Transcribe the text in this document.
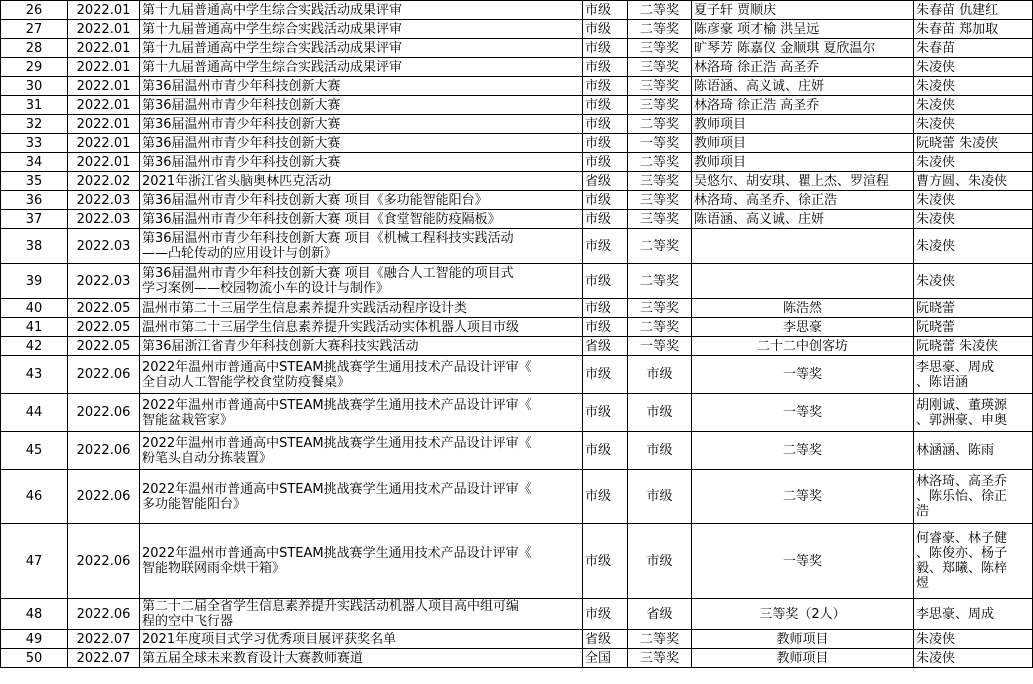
26	2022.01	第十九届普通高中学生综合实践活动成果评审	市级	二等奖	夏子轩 贾顺庆	朱春苗 仇建红
27	2022.01	第十九届普通高中学生综合实践活动成果评审	市级	二等奖	陈彦豪 项才榆 洪呈远	朱春苗 郑加取
28	2022.01	第十九届普通高中学生综合实践活动成果评审	市级	三等奖	旷琴芳 陈嘉仪 金顺琪 夏欣温尔	朱春苗
29	2022.01	第十九届普通高中学生综合实践活动成果评审	市级	三等奖	林洛琦 徐正浩 高圣乔	朱凌侠
30	2022.01	第36届温州市青少年科技创新大赛	市级	三等奖	陈语涵、高义诚、庄妍	朱凌侠
31	2022.01	第36届温州市青少年科技创新大赛	市级	三等奖	林洛琦 徐正浩 高圣乔	朱凌侠
32	2022.01	第36届温州市青少年科技创新大赛	市级	二等奖	教师项目	朱凌侠
33	2022.01	第36届温州市青少年科技创新大赛	市级	一等奖	教师项目	阮晓蕾 朱凌侠
34	2022.01	第36届温州市青少年科技创新大赛	市级	二等奖	教师项目	朱凌侠
35	2022.02	2021年浙江省头脑奥林匹克活动	省级	三等奖	吴悠尔、胡安琪、瞿上杰、罗渲程	曹方圆、朱凌侠
36	2022.03	第36届温州市青少年科技创新大赛 项目《多功能智能阳台》	市级	三等奖	林洛琦、高圣乔、徐正浩	朱凌侠
37	2022.03	第36届温州市青少年科技创新大赛 项目《食堂智能防疫隔板》	市级	三等奖	陈语涵、高义诚、庄妍	朱凌侠
38	2022.03	第36届温州市青少年科技创新大赛 项目《机械工程科技实践活动
——凸轮传动的应用设计与创新》	市级	二等奖		朱凌侠
39	2022.03	第36届温州市青少年科技创新大赛 项目《融合人工智能的项目式
学习案例——校园物流小车的设计与制作》	市级	二等奖		朱凌侠
40	2022.05	温州市第二十三届学生信息素养提升实践活动程序设计类	市级	三等奖	陈浩然	阮晓蕾
41	2022.05	温州市第二十三届学生信息素养提升实践活动实体机器人项目市级	市级	二等奖	李思豪	阮晓蕾
42	2022.05	第36届浙江省青少年科技创新大赛科技实践活动	省级	一等奖	二十二中创客坊	阮晓蕾 朱凌侠
43	2022.06	2022年温州市普通高中STEAM挑战赛学生通用技术产品设计评审《
全自动人工智能学校食堂防疫餐桌》	市级	市级	一等奖	李思豪、周成
、陈语涵
44	2022.06	2022年温州市普通高中STEAM挑战赛学生通用技术产品设计评审《
智能盆栽管家》	市级	市级	一等奖	胡刚诚、董瑛源
、郭洲豪、申奥
45	2022.06	2022年温州市普通高中STEAM挑战赛学生通用技术产品设计评审《
粉笔头自动分拣装置》	市级	市级	二等奖	林涵涵、陈雨
46	2022.06	2022年温州市普通高中STEAM挑战赛学生通用技术产品设计评审《
多功能智能阳台》	市级	市级	二等奖	林洛琦、高圣乔
、陈乐怡、徐正
浩
47	2022.06	2022年温州市普通高中STEAM挑战赛学生通用技术产品设计评审《
智能物联网雨伞烘干箱》	市级	市级	一等奖	何睿豪、林子健
、陈俊亦、杨子
毅、郑曦、陈梓
煜
48	2022.06	第二十二届全省学生信息素养提升实践活动机器人项目高中组可编
程的空中飞行器	市级	省级	三等奖（2人）	李思豪、周成
49	2022.07	2021年度项目式学习优秀项目展评获奖名单	省级	二等奖	教师项目	朱凌侠
50	2022.07	第五届全球未来教育设计大赛教师赛道	全国	三等奖	教师项目	朱凌侠
